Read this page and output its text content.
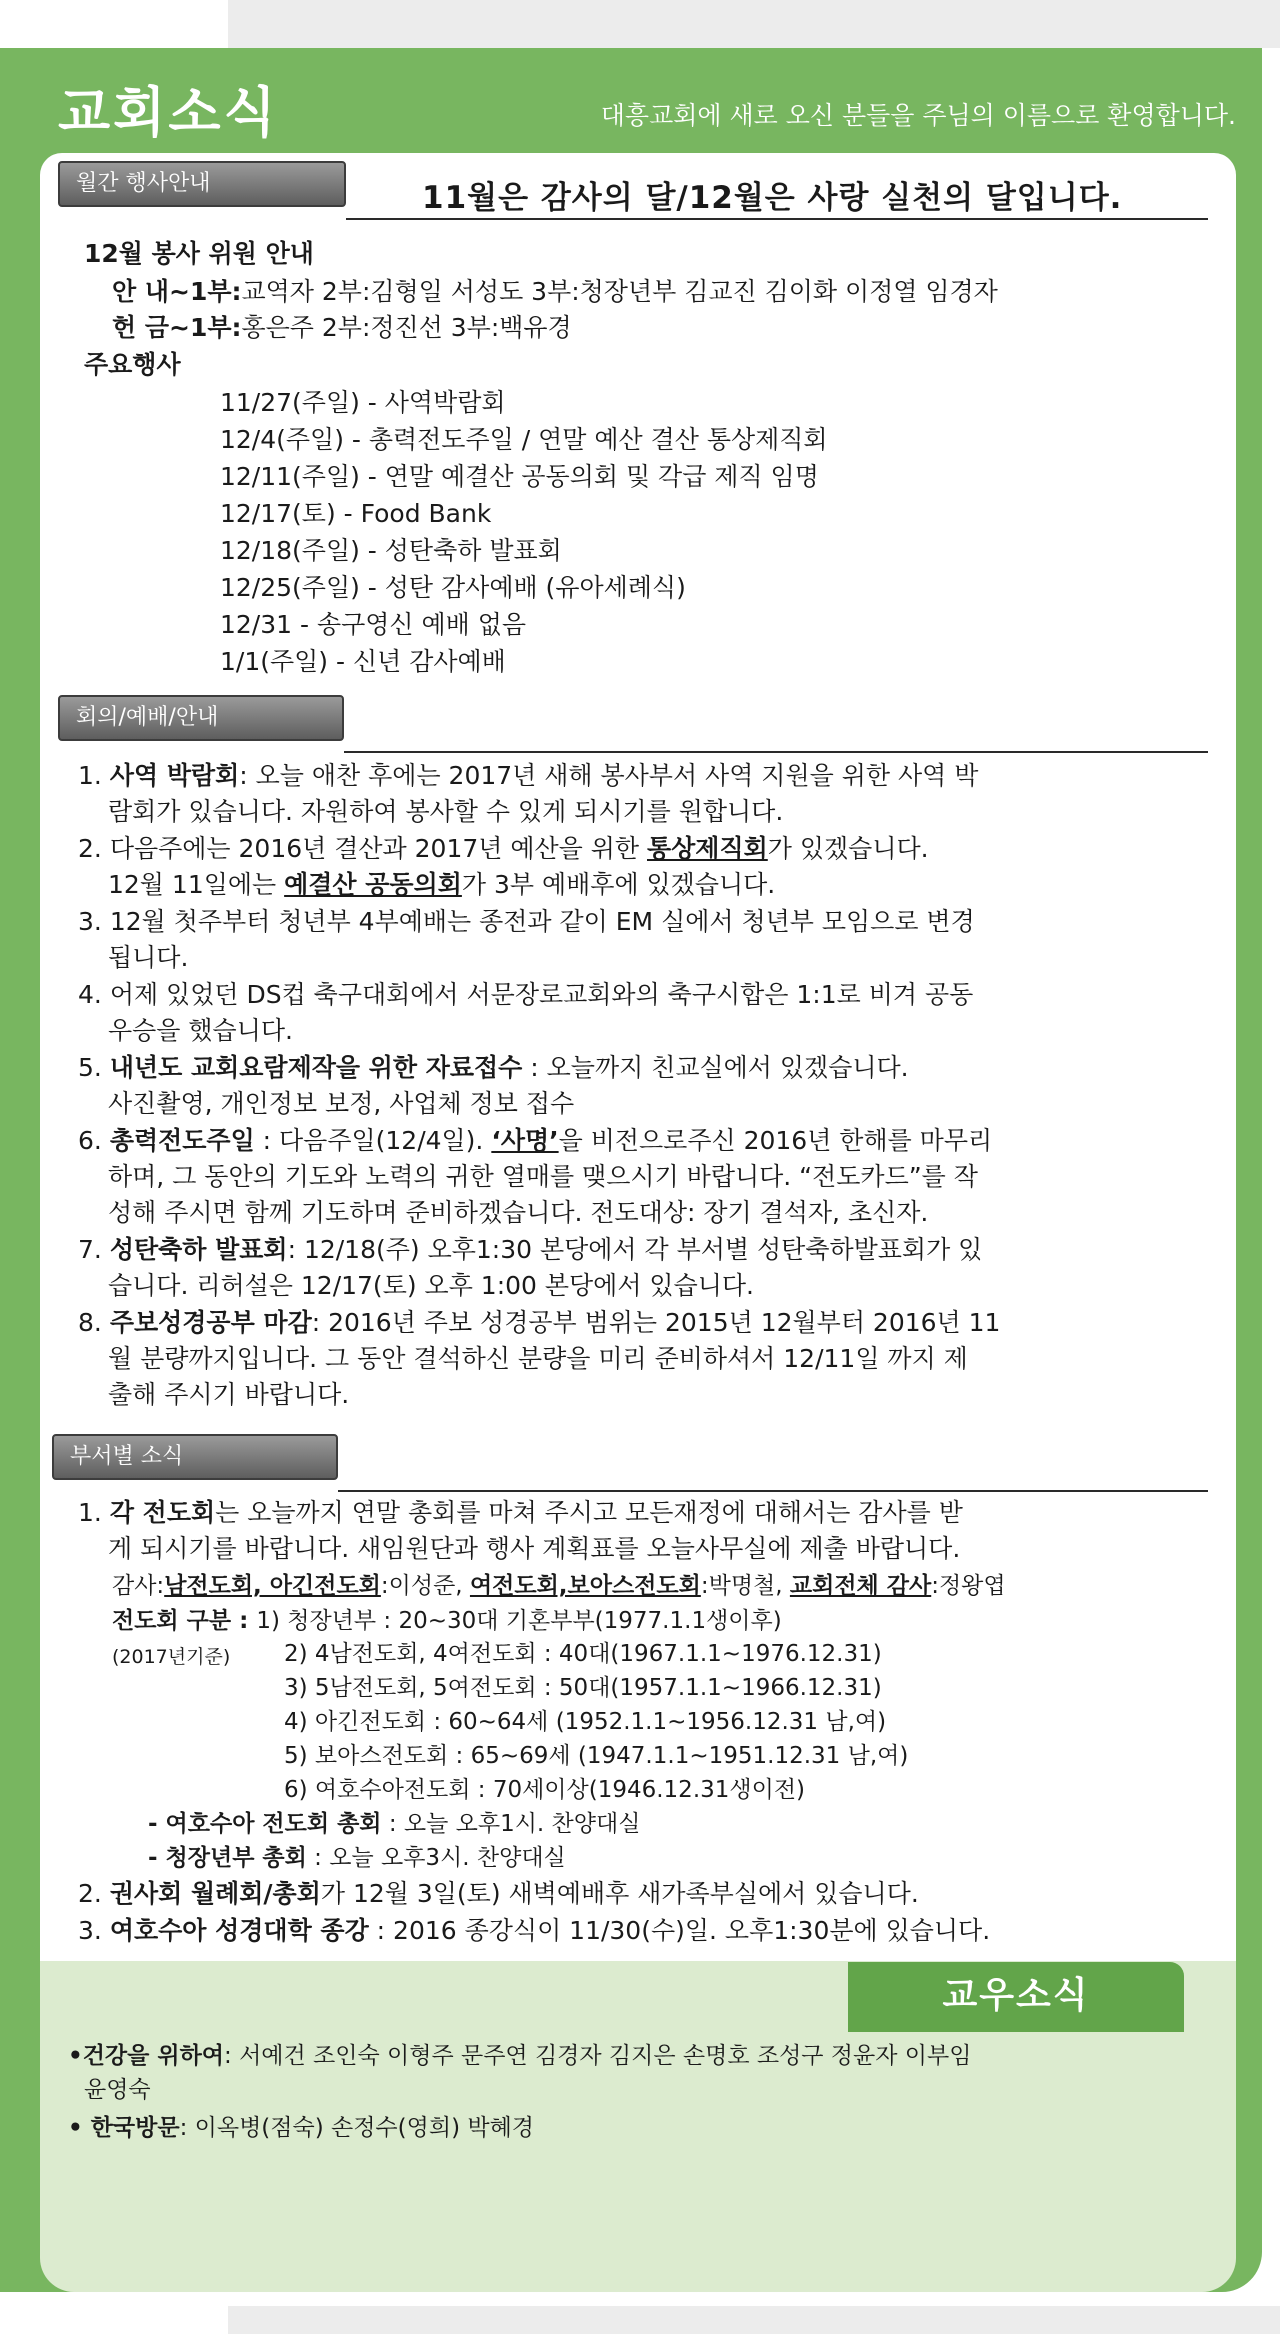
교회소식	대흥교회에 새로 오신 분들을 주님의 이름으로 환영합니다.
월간 행사안내	11월은 감사의 달/12월은 사랑 실천의 달입니다.
12월 봉사 위원 안내
안 내~1부:교역자 2부:김형일 서성도 3부:청장년부 김교진 김이화 이정열 임경자
헌 금~1부:홍은주 2부:정진선 3부:백유경
주요행사
11/27(주일) - 사역박람회
12/4(주일) - 총력전도주일 / 연말 예산 결산 통상제직회
12/11(주일) - 연말 예결산 공동의회 및 각급 제직 임명
12/17(토) - Food Bank
12/18(주일) - 성탄축하 발표회
12/25(주일) - 성탄 감사예배 (유아세례식)
12/31 - 송구영신 예배 없음
1/1(주일) - 신년 감사예배
회의/예배/안내
1. 사역 박람회: 오늘 애찬 후에는 2017년 새해 봉사부서 사역 지원을 위한 사역 박
람회가 있습니다. 자원하여 봉사할 수 있게 되시기를 원합니다.
2. 다음주에는 2016년 결산과 2017년 예산을 위한 통상제직회가 있겠습니다.
12월 11일에는 예결산 공동의회가 3부 예배후에 있겠습니다.
3. 12월 첫주부터 청년부 4부예배는 종전과 같이 EM 실에서 청년부 모임으로 변경
됩니다.
4. 어제 있었던 DS컵 축구대회에서 서문장로교회와의 축구시합은 1:1로 비겨 공동
우승을 했습니다.
5. 내년도 교회요람제작을 위한 자료접수 : 오늘까지 친교실에서 있겠습니다.
사진촬영, 개인정보 보정, 사업체 정보 접수
6. 총력전도주일 : 다음주일(12/4일). ‘사명’을 비전으로주신 2016년 한해를 마무리
하며, 그 동안의 기도와 노력의 귀한 열매를 맺으시기 바랍니다. “전도카드”를 작
성해 주시면 함께 기도하며 준비하겠습니다. 전도대상: 장기 결석자, 초신자.
7. 성탄축하 발표회: 12/18(주) 오후1:30 본당에서 각 부서별 성탄축하발표회가 있
습니다. 리허설은 12/17(토) 오후 1:00 본당에서 있습니다.
8. 주보성경공부 마감: 2016년 주보 성경공부 범위는 2015년 12월부터 2016년 11
월 분량까지입니다. 그 동안 결석하신 분량을 미리 준비하셔서 12/11일 까지 제
출해 주시기 바랍니다.
부서별 소식
1. 각 전도회는 오늘까지 연말 총회를 마쳐 주시고 모든재정에 대해서는 감사를 받
게 되시기를 바랍니다. 새임원단과 행사 계획표를 오늘사무실에 제출 바랍니다.
감사:남전도회, 아긴전도회:이성준, 여전도회,보아스전도회:박명철, 교회전체 감사:정왕엽
전도회 구분 : 1) 청장년부 : 20~30대 기혼부부(1977.1.1생이후)
(2017년기준) 2) 4남전도회, 4여전도회 : 40대(1967.1.1~1976.12.31)
3) 5남전도회, 5여전도회 : 50대(1957.1.1~1966.12.31)
4) 아긴전도회 : 60~64세 (1952.1.1~1956.12.31 남,여)
5) 보아스전도회 : 65~69세 (1947.1.1~1951.12.31 남,여)
6) 여호수아전도회 : 70세이상(1946.12.31생이전)
- 여호수아 전도회 총회 : 오늘 오후1시. 찬양대실
- 청장년부 총회 : 오늘 오후3시. 찬양대실
2. 권사회 월례회/총회가 12월 3일(토) 새벽예배후 새가족부실에서 있습니다.
3. 여호수아 성경대학 종강 : 2016 종강식이 11/30(수)일. 오후1:30분에 있습니다.
교우소식
•건강을 위하여: 서예건 조인숙 이형주 문주연 김경자 김지은 손명호 조성구 정윤자 이부임
윤영숙
• 한국방문: 이옥병(점숙) 손정수(영희) 박혜경
